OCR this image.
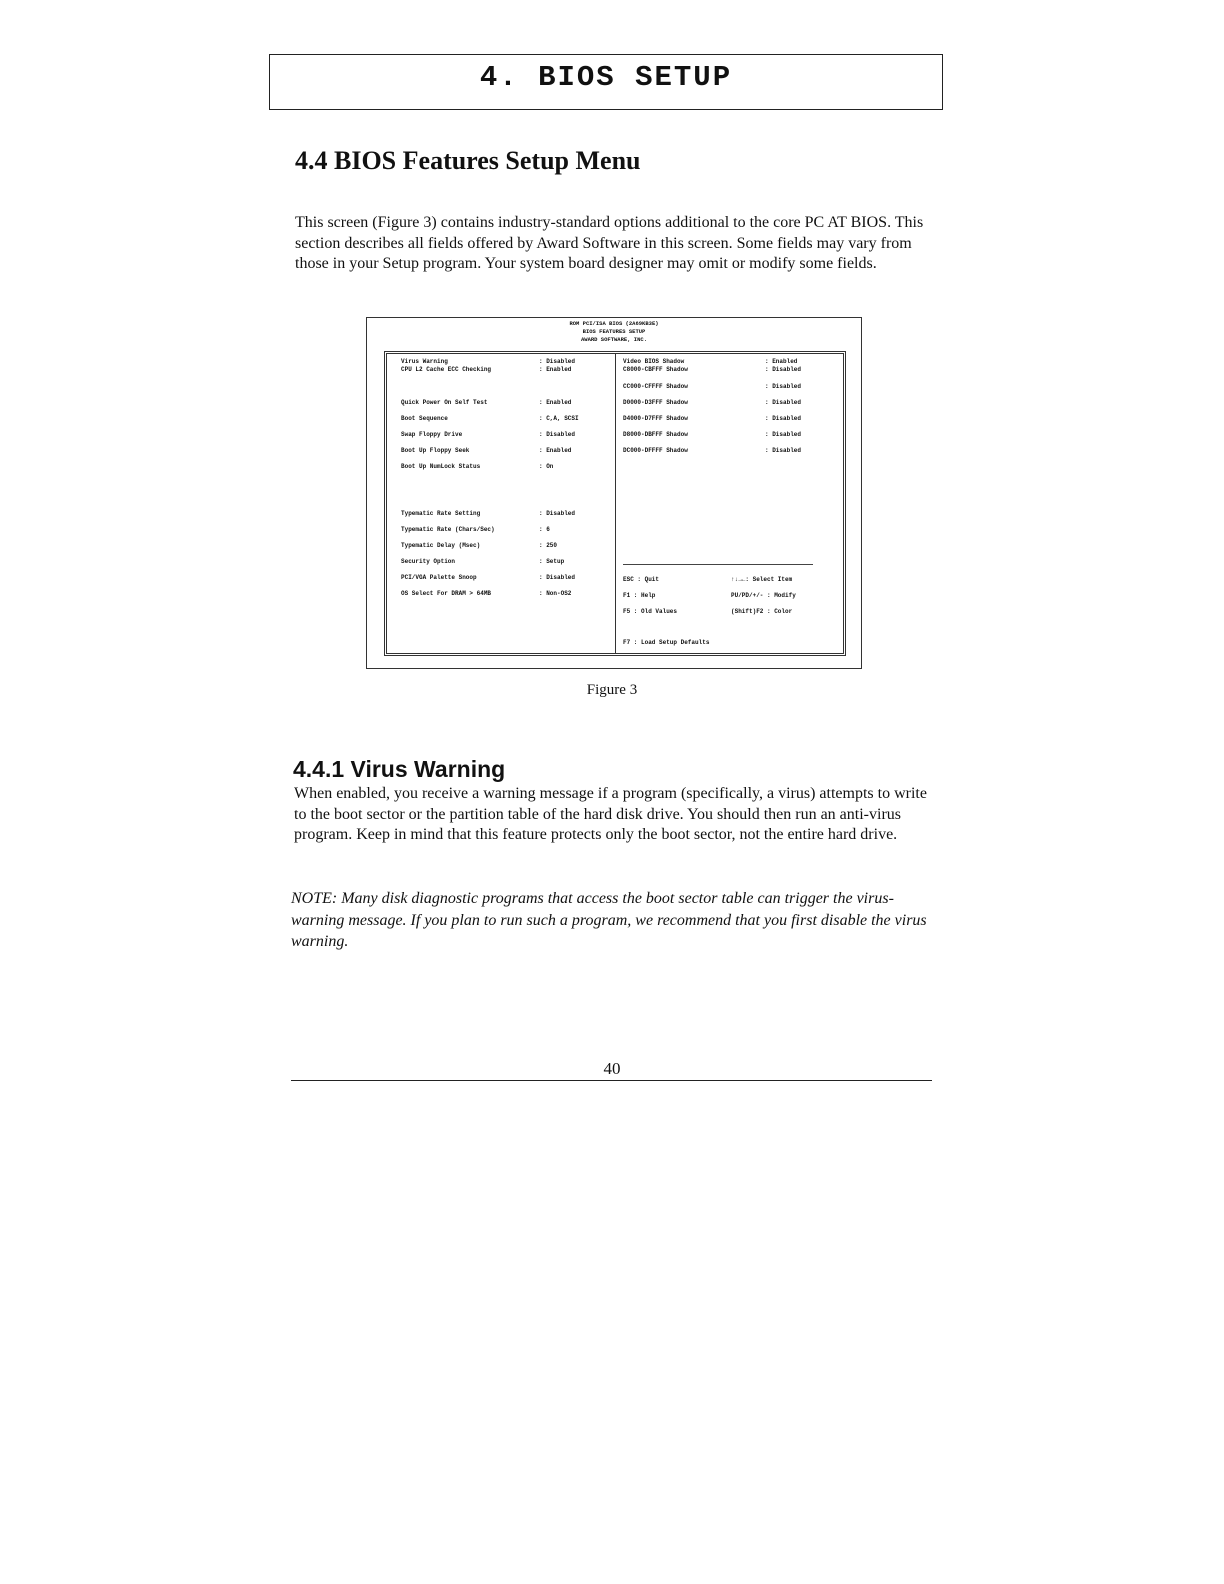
4. BIOS SETUP
4.4 BIOS Features Setup Menu
This screen (Figure 3) contains industry-standard options additional to the core PC AT BIOS. This section describes all fields offered by Award Software in this screen. Some fields may vary from those in your Setup program. Your system board designer may omit or modify some fields.
ROM PCI/ISA BIOS (2A69KB3E)
BIOS FEATURES SETUP
AWARD SOFTWARE, INC.
Virus Warning	: Disabled
CPU L2 Cache ECC Checking	: Enabled
Quick Power On Self Test	: Enabled
Boot Sequence	: C,A, SCSI
Swap Floppy Drive	: Disabled
Boot Up Floppy Seek	: Enabled
Boot Up NumLock Status	: On
Typematic Rate Setting	: Disabled
Typematic Rate (Chars/Sec)	: 6
Typematic Delay (Msec)	: 250
Security Option	: Setup
PCI/VGA Palette Snoop	: Disabled
OS Select For DRAM > 64MB	: Non-OS2
Video BIOS Shadow	: Enabled
C8000-CBFFF Shadow	: Disabled
CC000-CFFFF Shadow	: Disabled
D0000-D3FFF Shadow	: Disabled
D4000-D7FFF Shadow	: Disabled
D8000-DBFFF Shadow	: Disabled
DC000-DFFFF Shadow	: Disabled
ESC : Quit	↑↓→←: Select Item
F1 : Help	PU/PD/+/- : Modify
F5 : Old Values	(Shift)F2 : Color
F7 : Load Setup Defaults
Figure 3
4.4.1 Virus Warning
When enabled, you receive a warning message if a program (specifically, a virus) attempts to write to the boot sector or the partition table of the hard disk drive. You should then run an anti-virus program. Keep in mind that this feature protects only the boot sector, not the entire hard drive.
NOTE: Many disk diagnostic programs that access the boot sector table can trigger the virus-warning message. If you plan to run such a program, we recommend that you first disable the virus warning.
40
